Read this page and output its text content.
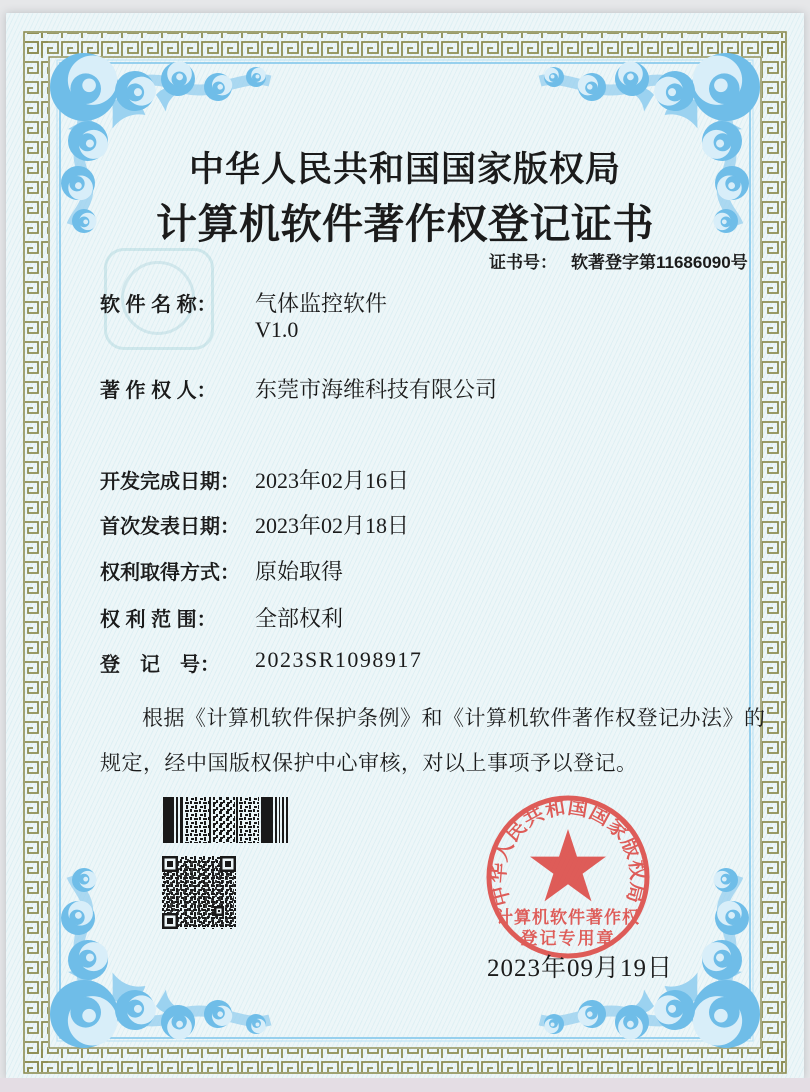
中华人民共和国国家版权局
计算机软件著作权登记证书
证书号： 软著登字第11686090号
软 件 名 称： 气体监控软件
V1.0
著 作 权 人： 东莞市海维科技有限公司
开发完成日期： 2023年02月16日
首次发表日期： 2023年02月18日
权利取得方式： 原始取得
权 利 范 围： 全部权利
登　记　号： 2023SR1098917
根据《计算机软件保护条例》和《计算机软件著作权登记办法》的
规定，经中国版权保护中心审核，对以上事项予以登记。
中华人民共和国国家版权局
计算机软件著作权
登记专用章
2023年09月19日
